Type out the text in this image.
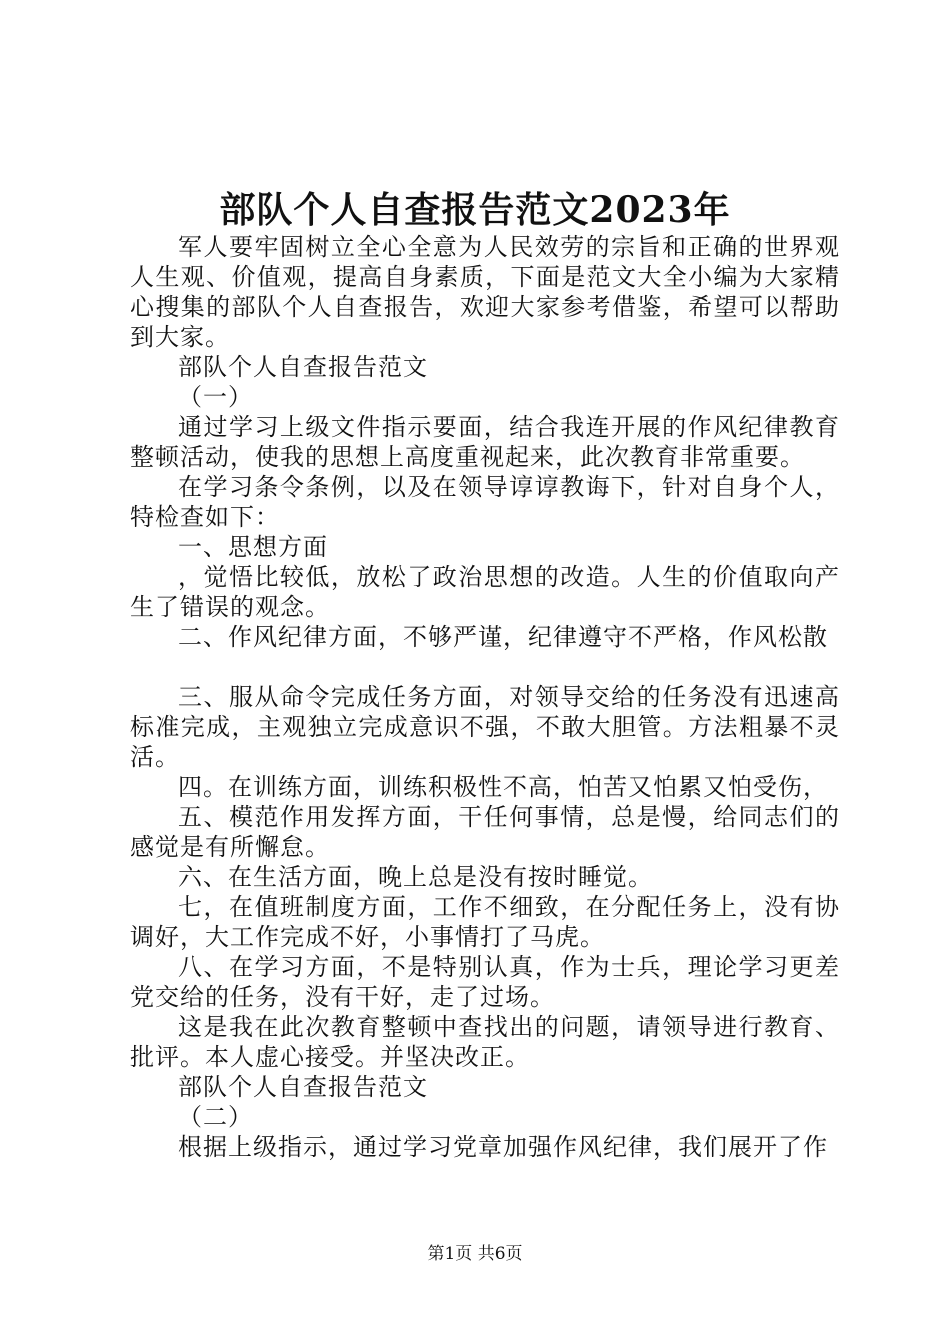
部队个人自查报告范文2023年

军人要牢固树立全心全意为人民效劳的宗旨和正确的世界观人生观、价值观，提高自身素质，下面是范文大全小编为大家精心搜集的部队个人自查报告，欢迎大家参考借鉴，希望可以帮助到大家。

部队个人自查报告范文

（一）

通过学习上级文件指示要面，结合我连开展的作风纪律教育整顿活动，使我的思想上高度重视起来，此次教育非常重要。

在学习条令条例，以及在领导谆谆教诲下，针对自身个人，特检查如下：

一、思想方面

，觉悟比较低，放松了政治思想的改造。人生的价值取向产生了错误的观念。

二、作风纪律方面，不够严谨，纪律遵守不严格，作风松散

三、服从命令完成任务方面，对领导交给的任务没有迅速高标准完成，主观独立完成意识不强，不敢大胆管。方法粗暴不灵活。

四。在训练方面，训练积极性不高，怕苦又怕累又怕受伤，

五、模范作用发挥方面，干任何事情，总是慢，给同志们的感觉是有所懈怠。

六、在生活方面，晚上总是没有按时睡觉。

七，在值班制度方面，工作不细致，在分配任务上，没有协调好，大工作完成不好，小事情打了马虎。

八、在学习方面，不是特别认真，作为士兵，理论学习更差党交给的任务，没有干好，走了过场。

这是我在此次教育整顿中查找出的问题，请领导进行教育、批评。本人虚心接受。并坚决改正。

部队个人自查报告范文

（二）

根据上级指示，通过学习党章加强作风纪律，我们展开了作

第1页 共6页
